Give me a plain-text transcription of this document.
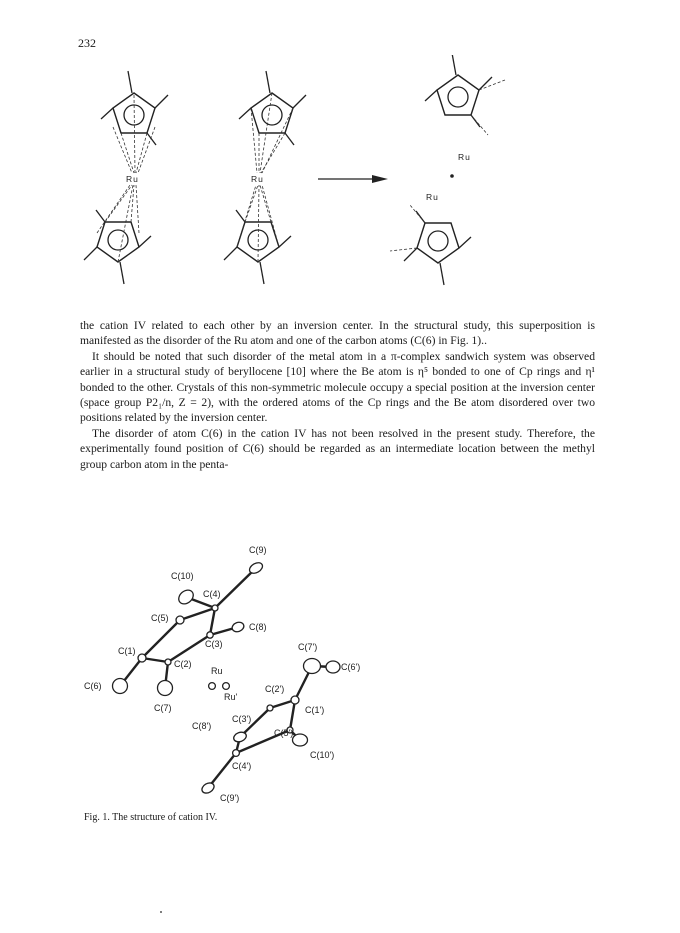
232
Ru	Ru
Ru
Ru

the cation IV related to each other by an inversion center. In the structural study, this superposition is manifested as the disorder of the Ru atom and one of the carbon atoms (C(6) in Fig. 1)..

It should be noted that such disorder of the metal atom in a π-complex sandwich system was observed earlier in a structural study of beryllocene [10] where the Be atom is η⁵ bonded to one of Cp rings and η¹ bonded to the other. Crystals of this non-symmetric molecule occupy a special position at the inversion center (space group P2₁/n, Z = 2), with the ordered atoms of the Cp rings and the Be atom disordered over two positions related by the inversion center.

The disorder of atom C(6) in the cation IV has not been resolved in the present study. Therefore, the experimentally found position of C(6) should be regarded as an intermediate location between the methyl group carbon atom in the penta-

C(9)
C(10)
C(4)
C(5)
C(8)
C(3)
C(1)
C(2)
Ru
Ru'
C(6)
C(7)
C(7')
C(6')
C(2')
C(1')
C(3')
C(8')
C(5')
C(10')
C(4')
C(9')
Fig. 1. The structure of cation IV.
